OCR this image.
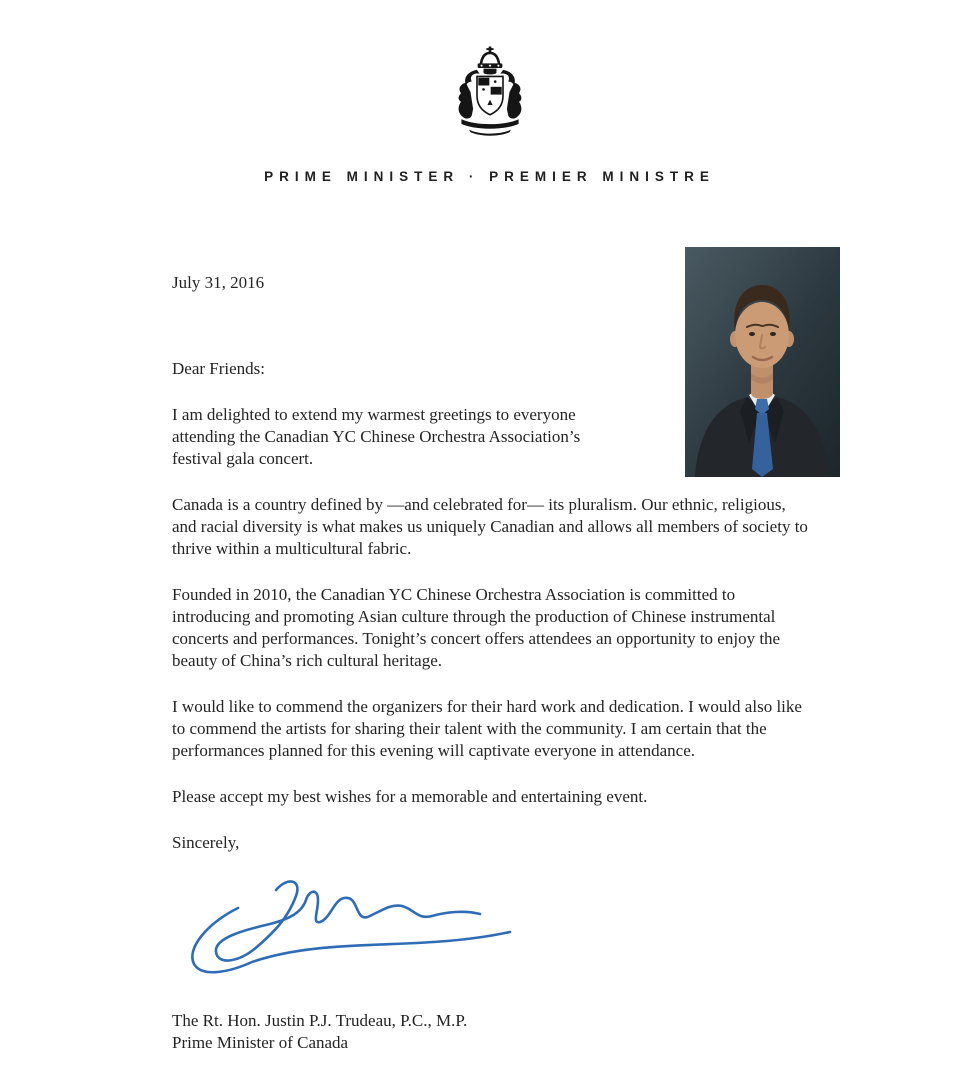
PRIME MINISTER · PREMIER MINISTRE

July 31, 2016

Dear Friends:

I am delighted to extend my warmest greetings to everyone attending the Canadian YC Chinese Orchestra Association’s festival gala concert.

Canada is a country defined by —and celebrated for— its pluralism. Our ethnic, religious, and racial diversity is what makes us uniquely Canadian and allows all members of society to thrive within a multicultural fabric.

Founded in 2010, the Canadian YC Chinese Orchestra Association is committed to introducing and promoting Asian culture through the production of Chinese instrumental concerts and performances. Tonight’s concert offers attendees an opportunity to enjoy the beauty of China’s rich cultural heritage.

I would like to commend the organizers for their hard work and dedication. I would also like to commend the artists for sharing their talent with the community. I am certain that the performances planned for this evening will captivate everyone in attendance.

Please accept my best wishes for a memorable and entertaining event.

Sincerely,

The Rt. Hon. Justin P.J. Trudeau, P.C., M.P.

Prime Minister of Canada
